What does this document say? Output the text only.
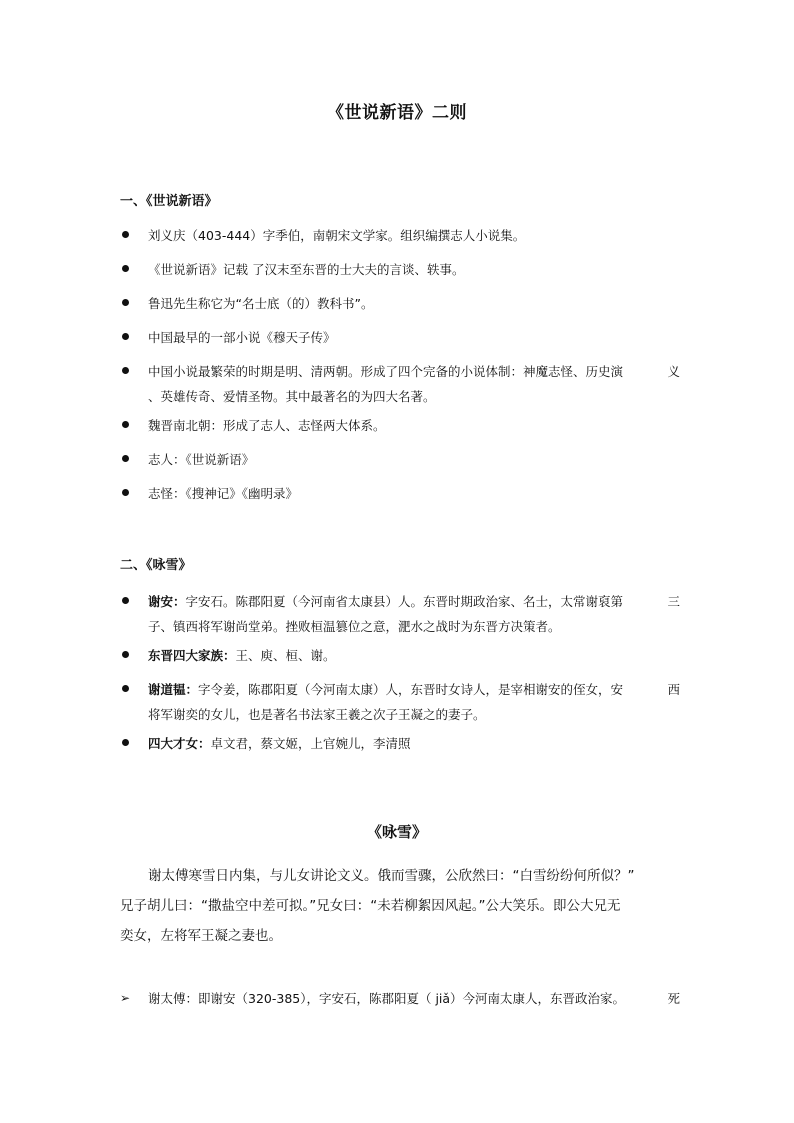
《世说新语》二则
一、《世说新语》
刘义庆（403-444）字季伯，南朝宋文学家。组织编撰志人小说集。
《世说新语》记载 了汉末至东晋的士大夫的言谈、轶事。
鲁迅先生称它为“名士底（的）教科书”。
中国最早的一部小说《穆天子传》
中国小说最繁荣的时期是明、清两朝。形成了四个完备的小说体制：神魔志怪、历史演	义
、英雄传奇、爱情圣物。其中最著名的为四大名著。
魏晋南北朝：形成了志人、志怪两大体系。
志人：《世说新语》
志怪：《搜神记》《幽明录》
二、《咏雪》
谢安：字安石。陈郡阳夏（今河南省太康县）人。东晋时期政治家、名士，太常谢裒第	三
子、镇西将军谢尚堂弟。挫败桓温篡位之意，淝水之战时为东晋方决策者。
东晋四大家族：王、庾、桓、谢。
谢道韫：字令姜，陈郡阳夏（今河南太康）人，东晋时女诗人，是宰相谢安的侄女，安	西
将军谢奕的女儿，也是著名书法家王羲之次子王凝之的妻子。
四大才女：卓文君，蔡文姬，上官婉儿，李清照
《咏雪》
谢太傅寒雪日内集，与儿女讲论文义。俄而雪骤，公欣然曰：“白雪纷纷何所似？”
兄子胡儿曰：“撒盐空中差可拟。”兄女曰：“未若柳絮因风起。”公大笑乐。即公大兄无
奕女，左将军王凝之妻也。
➢ 谢太傅：即谢安（320-385），字安石，陈郡阳夏（ jiǎ）今河南太康人，东晋政治家。	死
